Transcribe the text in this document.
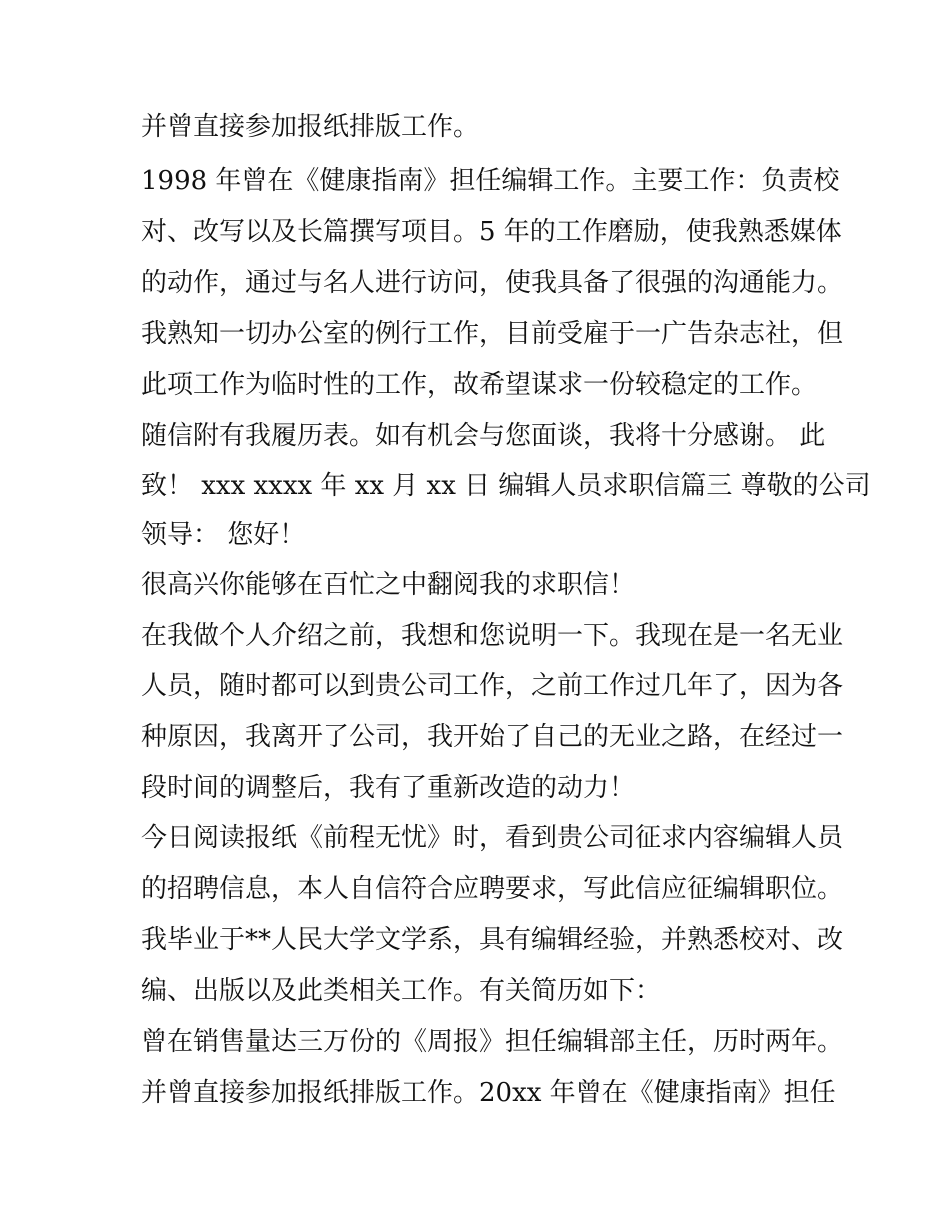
并曾直接参加报纸排版工作。
1998 年曾在《健康指南》担任编辑工作。主要工作：负责校
对、改写以及长篇撰写项目。5 年的工作磨励，使我熟悉媒体
的动作，通过与名人进行访问，使我具备了很强的沟通能力。
我熟知一切办公室的例行工作，目前受雇于一广告杂志社，但
此项工作为临时性的工作，故希望谋求一份较稳定的工作。
随信附有我履历表。如有机会与您面谈，我将十分感谢。 此
致！ xxx xxxx 年 xx 月 xx 日 编辑人员求职信篇三 尊敬的公司
领导： 您好！
很高兴你能够在百忙之中翻阅我的求职信！
在我做个人介绍之前，我想和您说明一下。我现在是一名无业
人员，随时都可以到贵公司工作，之前工作过几年了，因为各
种原因，我离开了公司，我开始了自己的无业之路，在经过一
段时间的调整后，我有了重新改造的动力！
今日阅读报纸《前程无忧》时，看到贵公司征求内容编辑人员
的招聘信息，本人自信符合应聘要求，写此信应征编辑职位。
我毕业于**人民大学文学系，具有编辑经验，并熟悉校对、改
编、出版以及此类相关工作。有关简历如下：
曾在销售量达三万份的《周报》担任编辑部主任，历时两年。
并曾直接参加报纸排版工作。20xx 年曾在《健康指南》担任
